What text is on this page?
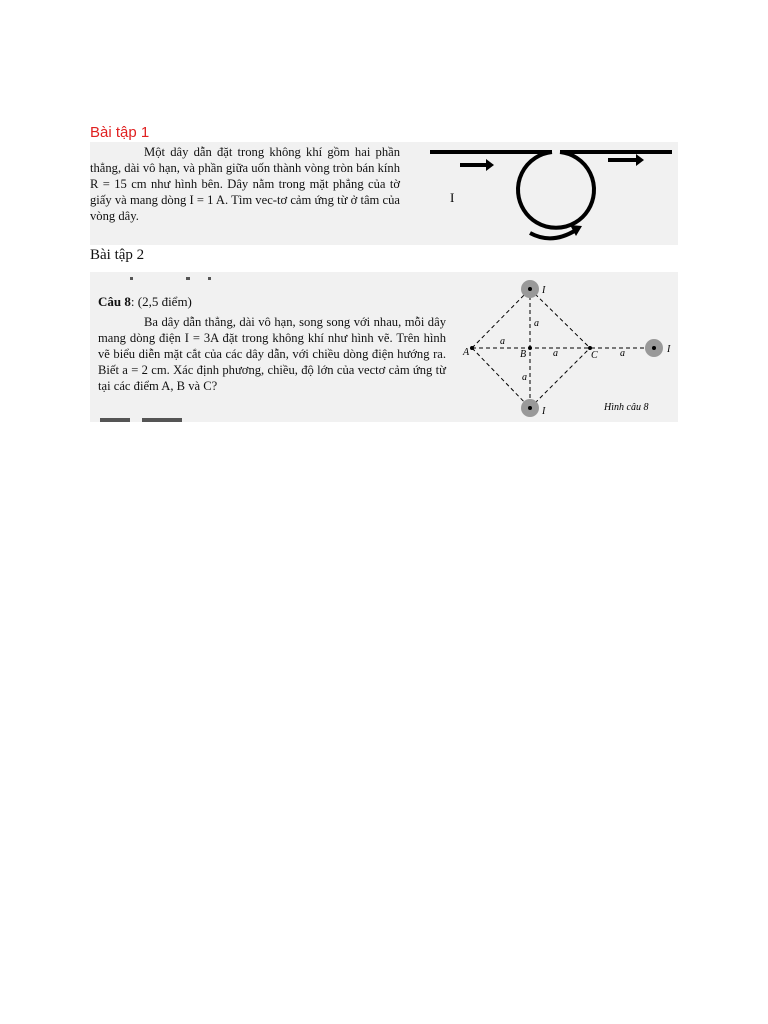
Bài tập 1

Một dây dẫn đặt trong không khí gồm hai phần thẳng, dài vô hạn, và phần giữa uốn thành vòng tròn bán kính R = 15 cm như hình bên. Dây nằm trong mặt phẳng của tờ giấy và mang dòng I = 1 A. Tìm vec-tơ cảm ứng từ ở tâm của vòng dây.

I
Bài tập 2
Câu 8: (2,5 điểm)

Ba dây dẫn thẳng, dài vô hạn, song song với nhau, mỗi dây mang dòng điện I = 3A đặt trong không khí như hình vẽ. Trên hình vẽ biểu diễn mặt cắt của các dây dẫn, với chiều dòng điện hướng ra. Biết a = 2 cm. Xác định phương, chiều, độ lớn của vectơ cảm ứng từ tại các điểm A, B và C?

I
I
I
A	B	C
a
a	a
a
a
Hình câu 8
